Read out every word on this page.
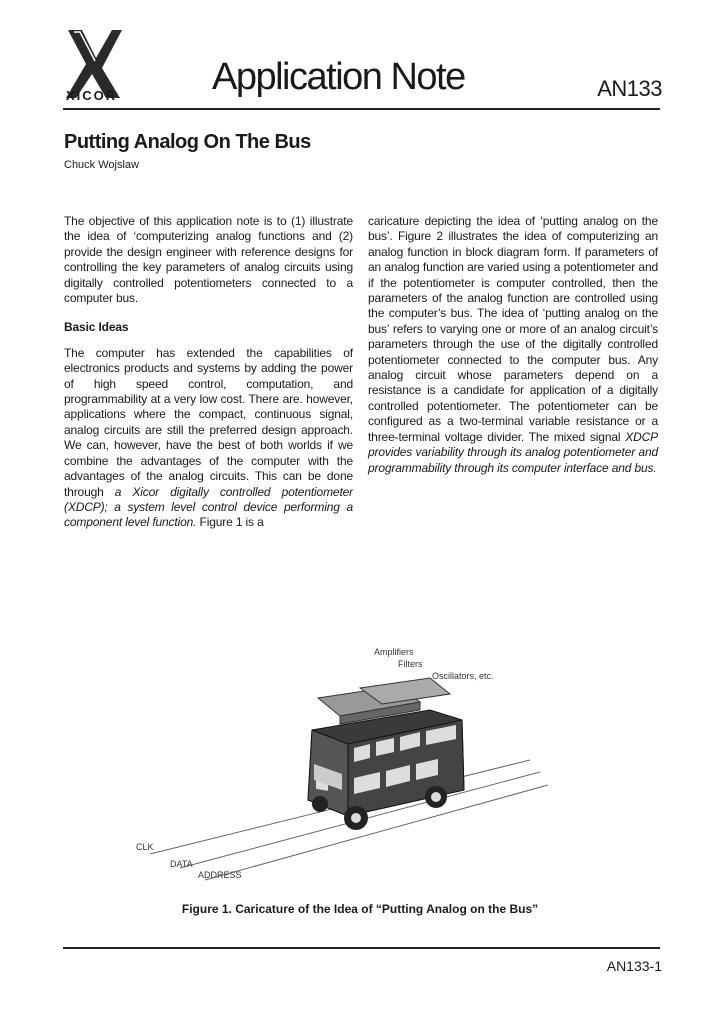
XICOR Application Note	AN133
Putting Analog On The Bus
Chuck Wojslaw

The objective of this application note is to (1) illustrate the idea of ‘computerizing analog functions and (2) provide the design engineer with reference designs for controlling the key parameters of analog circuits using digitally controlled potentiometers connected to a computer bus.

Basic Ideas

The computer has extended the capabilities of electronics products and systems by adding the power of high speed control, computation, and programmability at a very low cost. There are. however, applications where the compact, continuous signal, analog circuits are still the preferred design approach. We can, however, have the best of both worlds if we combine the advantages of the computer with the advantages of the analog circuits. This can be done through a Xicor digitally controlled potentiometer (XDCP); a system level control device performing a component level function. Figure 1 is a

caricature depicting the idea of ‘putting analog on the bus’. Figure 2 illustrates the idea of computerizing an analog function in block diagram form. If parameters of an analog function are varied using a potentiometer and if the potentiometer is computer controlled, then the parameters of the analog function are controlled using the computer’s bus. The idea of ‘putting analog on the bus’ refers to varying one or more of an analog circuit’s parameters through the use of the digitally controlled potentiometer connected to the computer bus. Any analog circuit whose parameters depend on a resistance is a candidate for application of a digitally controlled potentiometer. The potentiometer can be configured as a two-terminal variable resistance or a three-terminal voltage divider. The mixed signal XDCP provides variability through its analog potentiometer and programmability through its computer interface and bus.

Amplifiers
Filters
Oscillators, etc.
CLK
DATA
ADDRESS
Figure 1. Caricature of the Idea of “Putting Analog on the Bus”
AN133-1
